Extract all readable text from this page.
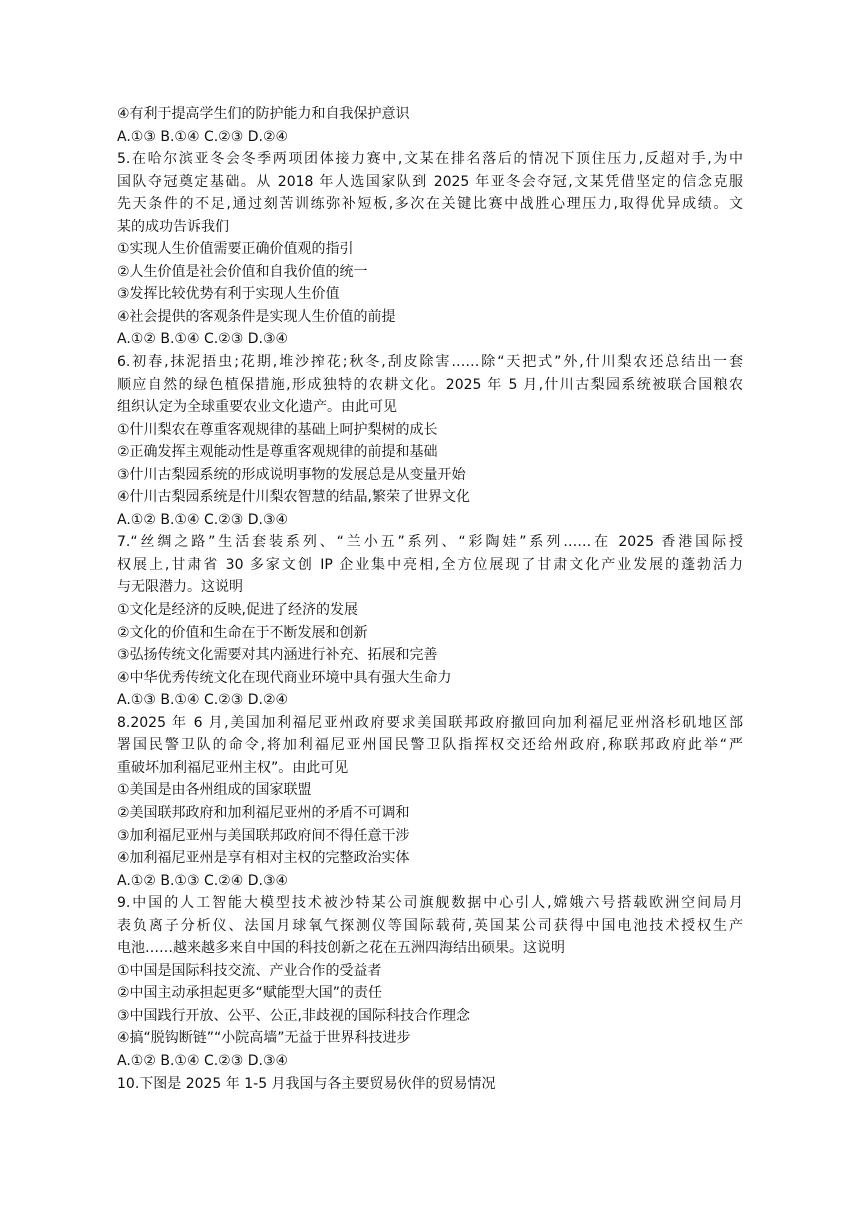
④有利于提高学生们的防护能力和自我保护意识
A.①③ B.①④ C.②③ D.②④
5.在哈尔滨亚冬会冬季两项团体接力赛中,文某在排名落后的情况下顶住压力,反超对手,为中
国队夺冠奠定基础。从 2018 年人选国家队到 2025 年亚冬会夺冠,文某凭借坚定的信念克服
先天条件的不足,通过刻苦训练弥补短板,多次在关键比赛中战胜心理压力,取得优异成绩。文
某的成功告诉我们
①实现人生价值需要正确价值观的指引
②人生价值是社会价值和自我价值的统一
③发挥比较优势有利于实现人生价值
④社会提供的客观条件是实现人生价值的前提
A.①② B.①④ C.②③ D.③④
6.初春,抹泥捂虫;花期,堆沙搾花;秋冬,刮皮除害……除“天把式”外,什川梨农还总结出一套
顺应自然的绿色植保措施,形成独特的农耕文化。2025 年 5 月,什川古梨园系统被联合国粮农
组织认定为全球重要农业文化遗产。由此可见
①什川梨农在尊重客观规律的基础上呵护梨树的成长
②正确发挥主观能动性是尊重客观规律的前提和基础
③什川古梨园系统的形成说明事物的发展总是从变量开始
④什川古梨园系统是什川梨农智慧的结晶,繁荣了世界文化
A.①② B.①④ C.②③ D.③④
7.“丝绸之路”生活套装系列、“兰小五”系列、“彩陶娃”系列……在 2025 香港国际授
权展上,甘肃省 30 多家文创 IP 企业集中亮相,全方位展现了甘肃文化产业发展的蓬勃活力
与无限潜力。这说明
①文化是经济的反映,促进了经济的发展
②文化的价值和生命在于不断发展和创新
③弘扬传统文化需要对其内涵进行补充、拓展和完善
④中华优秀传统文化在现代商业环境中具有强大生命力
A.①③ B.①④ C.②③ D.②④
8.2025 年 6 月,美国加利福尼亚州政府要求美国联邦政府撤回向加利福尼亚州洛杉矶地区部
署国民警卫队的命令,将加利福尼亚州国民警卫队指挥权交还给州政府,称联邦政府此举“严
重破坏加利福尼亚州主权”。由此可见
①美国是由各州组成的国家联盟
②美国联邦政府和加利福尼亚州的矛盾不可调和
③加利福尼亚州与美国联邦政府间不得任意干涉
④加利福尼亚州是享有相对主权的完整政治实体
A.①② B.①③ C.②④ D.③④
9.中国的人工智能大模型技术被沙特某公司旗舰数据中心引人,嫦娥六号搭载欧洲空间局月
表负离子分析仪、法国月球氧气探测仪等国际载荷,英国某公司获得中国电池技术授权生产
电池……越来越多来自中国的科技创新之花在五洲四海结出硕果。这说明
①中国是国际科技交流、产业合作的受益者
②中国主动承担起更多“赋能型大国”的责任
③中国践行开放、公平、公正,非歧视的国际科技合作理念
④搞“脱钩断链”“小院高墙”无益于世界科技进步
A.①② B.①④ C.②③ D.③④
10.下图是 2025 年 1-5 月我国与各主要贸易伙伴的贸易情况
